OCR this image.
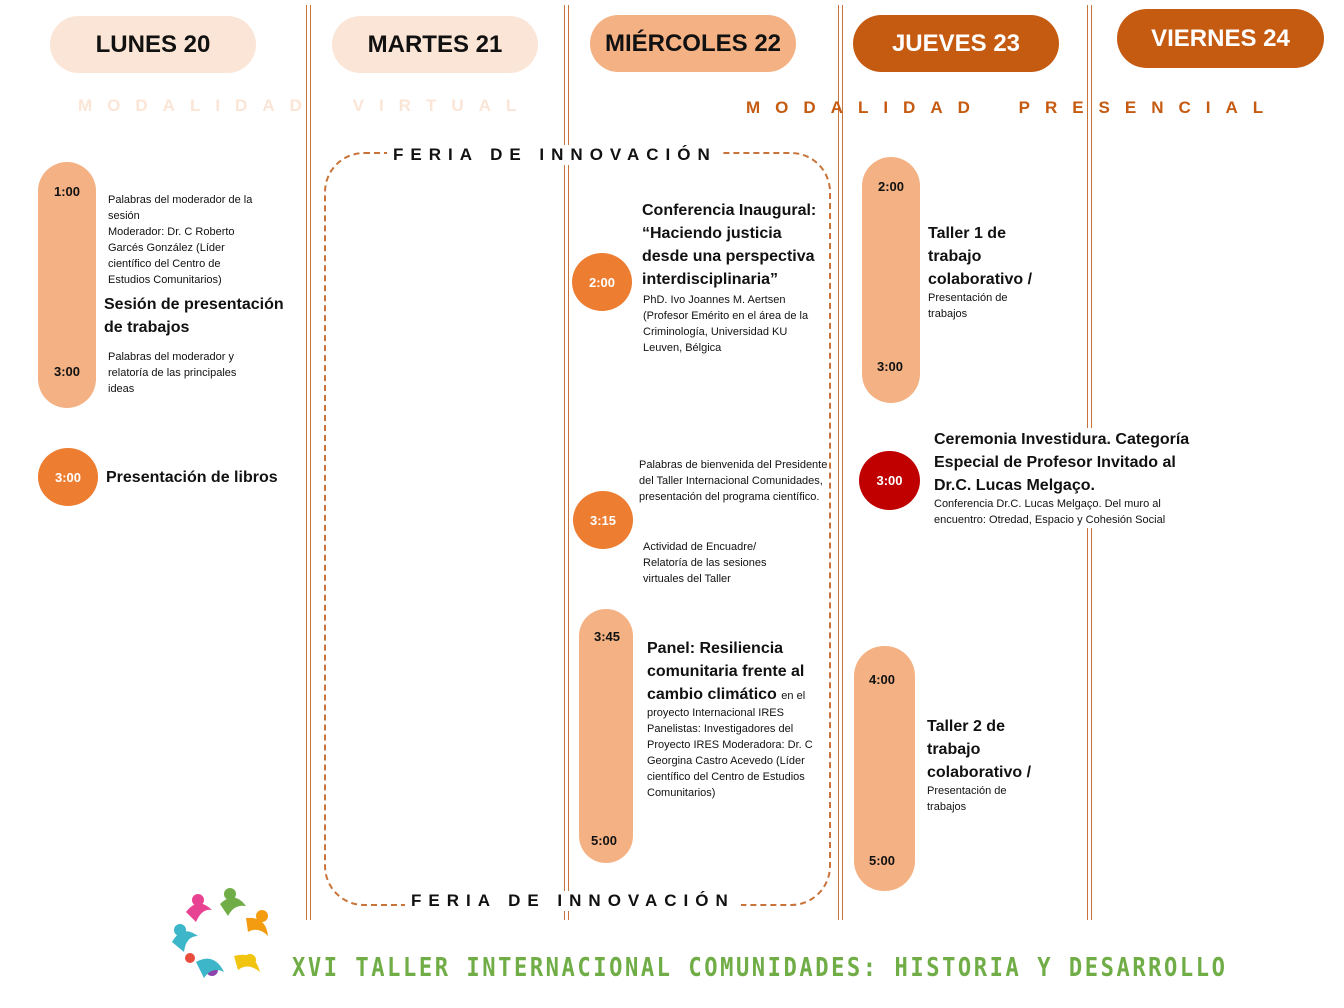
LUNES 20	MARTES 21	MIÉRCOLES 22	JUEVES 23	VIERNES 24
MODALIDAD VIRTUAL	MODALIDAD PRESENCIAL
FERIA DE INNOVACIÓN
FERIA DE INNOVACIÓN
1:00
3:00
Palabras del moderador de la sesión
Moderador: Dr. C Roberto Garcés González (Líder científico del Centro de Estudios Comunitarios)
Sesión de presentación de trabajos
Palabras del moderador y relatoría de las principales ideas
3:00	Presentación de libros
2:00
Conferencia Inaugural: “Haciendo justicia desde una perspectiva interdisciplinaria”
PhD. Ivo Joannes M. Aertsen (Profesor Emérito en el área de la Criminología, Universidad KU Leuven, Bélgica
3:15
Palabras de bienvenida del Presidente del Taller Internacional Comunidades, presentación del programa científico.
Actividad de Encuadre/ Relatoría de las sesiones virtuales del Taller
3:45
5:00
Panel: Resiliencia comunitaria frente al cambio climático en el
proyecto Internacional IRES Panelistas: Investigadores del Proyecto IRES Moderadora: Dr. C Georgina Castro Acevedo (Líder científico del Centro de Estudios Comunitarios)
2:00
3:00
Taller 1 de trabajo colaborativo /
Presentación de trabajos
3:00
Ceremonia Investidura. Categoría Especial de Profesor Invitado al Dr.C. Lucas Melgaço.
Conferencia Dr.C. Lucas Melgaço. Del muro al encuentro: Otredad, Espacio y Cohesión Social
4:00
5:00
Taller 2 de trabajo colaborativo /
Presentación de trabajos
XVI TALLER INTERNACIONAL COMUNIDADES: HISTORIA Y DESARROLLO
